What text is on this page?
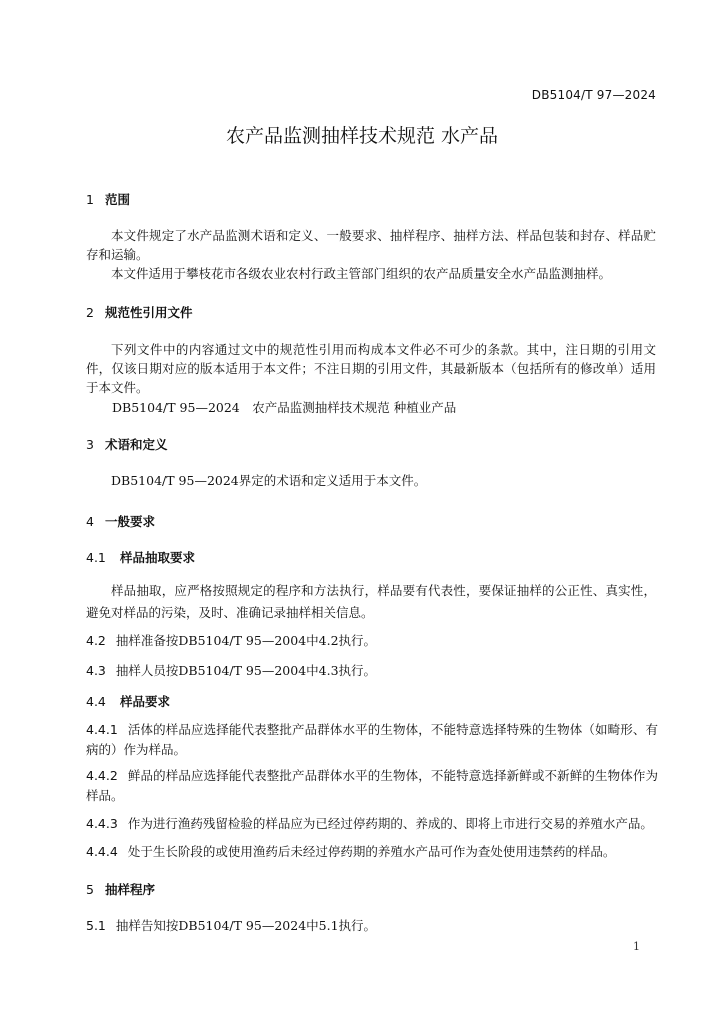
DB5104/T 97—2024
农产品监测抽样技术规范 水产品
1 范围
本文件规定了水产品监测术语和定义、一般要求、抽样程序、抽样方法、样品包装和封存、样品贮存和运输。
本文件适用于攀枝花市各级农业农村行政主管部门组织的农产品质量安全水产品监测抽样。
2 规范性引用文件
下列文件中的内容通过文中的规范性引用而构成本文件必不可少的条款。其中，注日期的引用文件，仅该日期对应的版本适用于本文件；不注日期的引用文件，其最新版本（包括所有的修改单）适用于本文件。
DB5104/T 95—2024　农产品监测抽样技术规范 种植业产品
3 术语和定义
DB5104/T 95—2024界定的术语和定义适用于本文件。
4 一般要求
4.1 样品抽取要求
样品抽取，应严格按照规定的程序和方法执行，样品要有代表性，要保证抽样的公正性、真实性，避免对样品的污染，及时、准确记录抽样相关信息。
4.2 抽样准备按DB5104/T 95—2004中4.2执行。
4.3 抽样人员按DB5104/T 95—2004中4.3执行。
4.4 样品要求
4.4.1 活体的样品应选择能代表整批产品群体水平的生物体，不能特意选择特殊的生物体（如畸形、有病的）作为样品。
4.4.2 鲜品的样品应选择能代表整批产品群体水平的生物体，不能特意选择新鲜或不新鲜的生物体作为样品。
4.4.3 作为进行渔药残留检验的样品应为已经过停药期的、养成的、即将上市进行交易的养殖水产品。
4.4.4 处于生长阶段的或使用渔药后未经过停药期的养殖水产品可作为查处使用违禁药的样品。
5 抽样程序
5.1 抽样告知按DB5104/T 95—2024中5.1执行。
1
